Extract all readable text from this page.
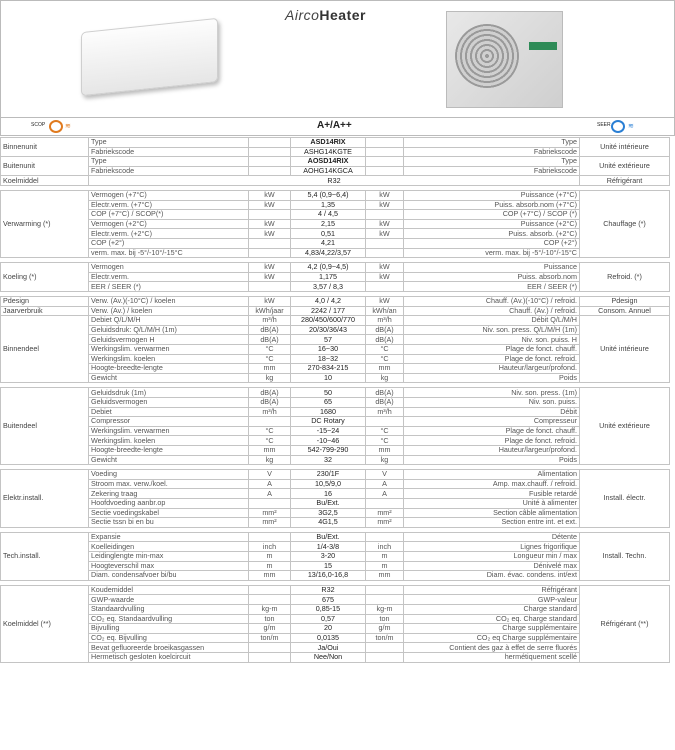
AircoHeater
SCOP	≋	A+/A++	SEER ≋
Binnenunit	Type		ASD14RIX		Type	Unité intérieure
	Fabriekscode		ASHG14KGTE		Fabriekscode	
Buitenunit	Type		AOSD14RIX		Type	Unité extérieure
	Fabriekscode		AOHG14KGCA		Fabriekscode	
Koelmiddel	R32					Réfrigérant
Verwarming (*)	Vermogen (+7°C)	kW	5,4 (0,9~6,4)	kW	Puissance (+7°C)	Chauffage (*)
	Electr.verm. (+7°C)	kW	1,35	kW	Puiss. absorb.nom (+7°C)	
	COP (+7°C) / SCOP(*)		4 / 4,5		COP (+7°C) / SCOP (*)	
	Vermogen (+2°C)	kW	2,15	kW	Puissance (+2°C)	
	Electr.verm. (+2°C)	kW	0,51	kW	Puiss. absorb. (+2°C)	
	COP (+2°)		4,21		COP (+2°)	
	verm. max. bij -5°/-10°/-15°C		4,83/4,22/3,57		verm. max. bij -5°/-10°/-15°C	
Koeling (*)	Vermogen	kW	4,2 (0,9~4,5)	kW	Puissance	Refroid. (*)
	Electr.verm.	kW	1,175	kW	Puiss. absorb.nom	
	EER / SEER (*)		3,57 / 8,3		EER / SEER (*)	
Pdesign	Verw. (Av.)(-10°C) / koelen	kW	4,0 / 4,2	kW	Chauff. (Av.)(-10°C) / refroid.	Pdesign
Jaarverbruik	Verw. (Av.) / koelen	kWh/jaar	2242 / 177	kWh/an	Chauff. (Av.) / refroid.	Consom. Annuel
Binnendeel	Debiet Q/L/M/H	m³/h	280/450/600/770	m³/h	Débit Q/L/M/H	Unité intérieure
	Geluidsdruk: Q/L/M/H (1m)	dB(A)	20/30/36/43	dB(A)	Niv. son. press. Q/L/M/H (1m)	
	Geluidsvermogen H	dB(A)	57	dB(A)	Niv. son. puiss. H	
	Werkingslim. verwarmen	°C	16~30	°C	Plage de fonct. chauff.	
	Werkingslim. koelen	°C	18~32	°C	Plage de fonct. refroid.	
	Hoogte-breedte-lengte	mm	270-834-215	mm	Hauteur/largeur/profond.	
	Gewicht	kg	10	kg	Poids	
Buitendeel	Geluidsdruk (1m)	dB(A)	50	dB(A)	Niv. son. press. (1m)	Unité extérieure
	Geluidsvermogen	dB(A)	65	dB(A)	Niv. son. puiss.	
	Debiet	m³/h	1680	m³/h	Débit	
	Compressor		DC Rotary		Compresseur	
	Werkingslim. verwarmen	°C	-15~24	°C	Plage de fonct. chauff.	
	Werkingslim. koelen	°C	-10~46	°C	Plage de fonct. refroid.	
	Hoogte-breedte-lengte	mm	542-799-290	mm	Hauteur/largeur/profond.	
	Gewicht	kg	32	kg	Poids	
Elektr.install.	Voeding	V	230/1F	V	Alimentation	Install. électr.
	Stroom max. verw./koel.	A	10,5/9,0	A	Amp. max.chauff. / refroid.	
	Zekering traag	A	16	A	Fusible retardé	
	Hoofdvoeding aanbr.op		Bu/Ext.		Unité à alimenter	
	Sectie voedingskabel	mm²	3G2,5	mm²	Section câble alimentation	
	Sectie tssn bi en bu	mm²	4G1,5	mm²	Section entre int. et ext.	
Tech.install.	Expansie		Bu/Ext.		Détente	Install. Techn.
	Koelleidingen	inch	1/4-3/8	inch	Lignes frigorifique	
	Leidinglengte min-max	m	3-20	m	Longueur min / max	
	Hoogteverschil max	m	15	m	Dénivelé max	
	Diam. condensafvoer bi/bu	mm	13/16,0-16,8	mm	Diam. évac. condens. int/ext	
Koelmiddel (**)	Koudemiddel		R32		Réfrigérant	Réfrigérant (**)
	GWP-waarde		675		GWP-valeur	
	Standaardvulling	kg-m	0,85-15	kg-m	Charge standard	
	CO₂ eq. Standaardvulling	ton	0,57	ton	CO₂ eq. Charge standard	
	Bijvulling	g/m	20	g/m	Charge supplémentaire	
	CO₂ eq. Bijvulling	ton/m	0,0135	ton/m	CO₂ eq Charge supplémentaire	
	Bevat gefluoreerde broeikasgassen		Ja/Oui		Contient des gaz à effet de serre fluorés	
	Hermetisch gesloten koelcircuit		Nee/Non		hermétiquement scellé	
